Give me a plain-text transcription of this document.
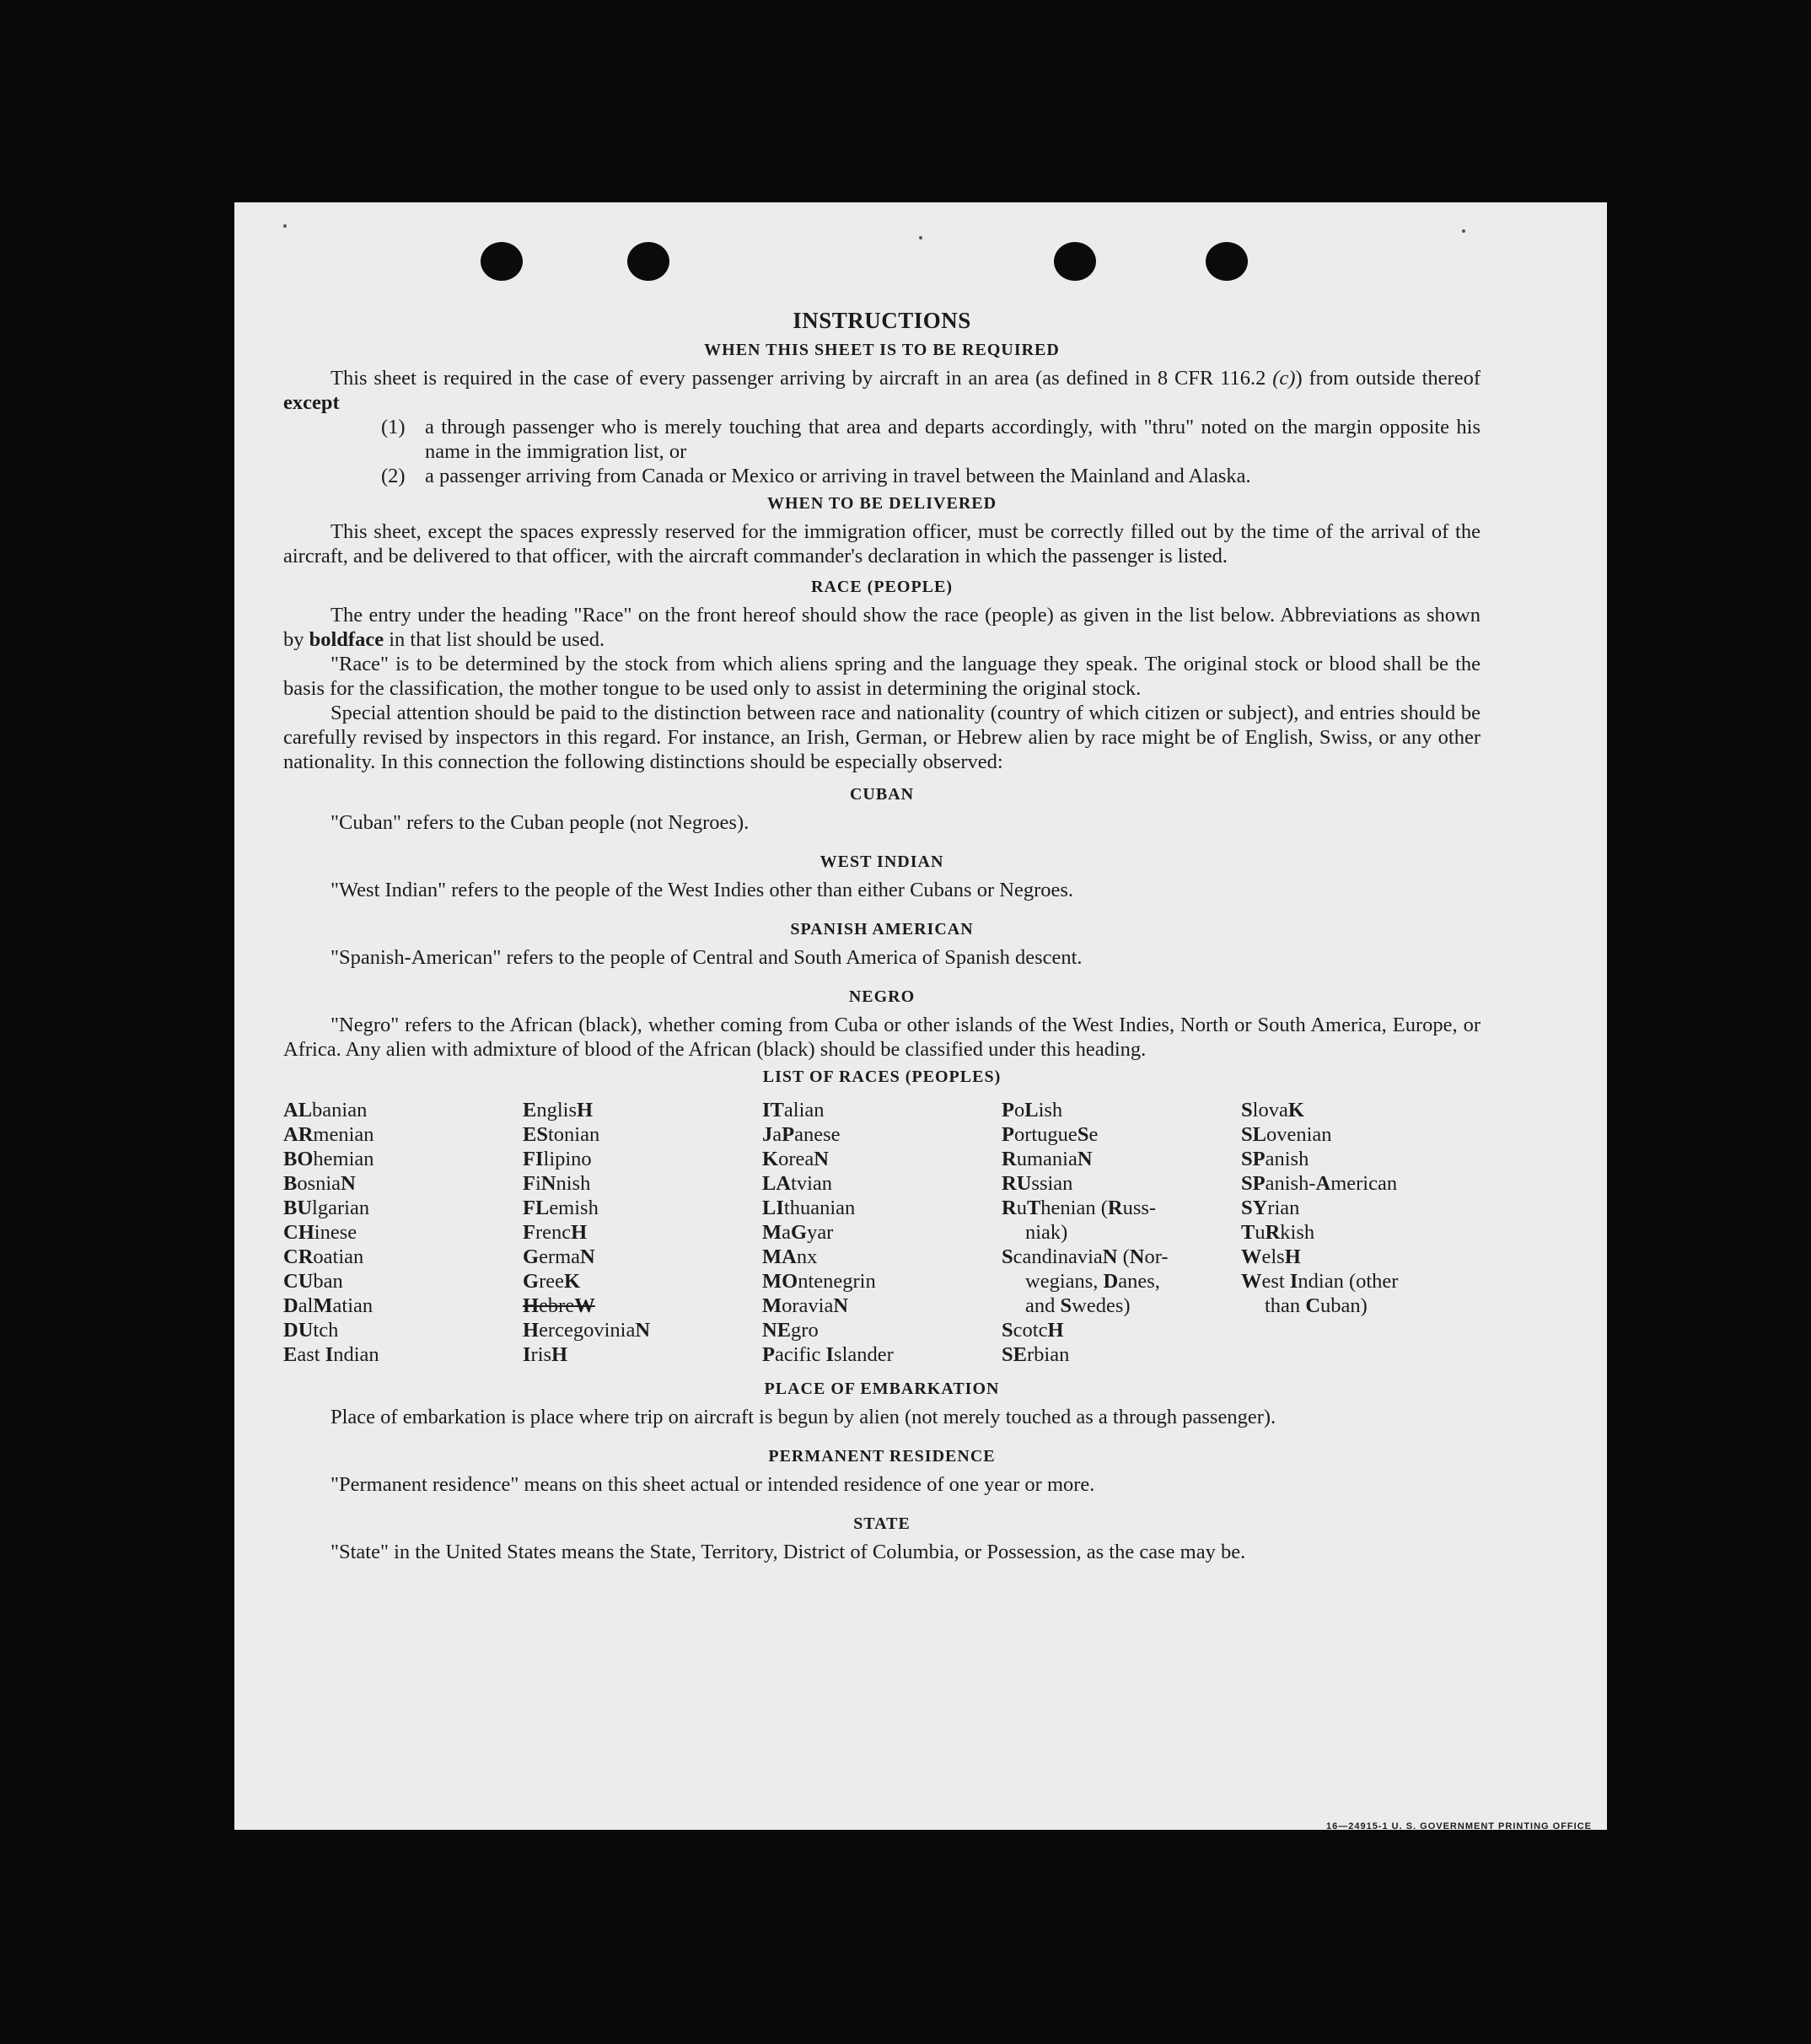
16—24915-1 U. S. GOVERNMENT PRINTING OFFICE
INSTRUCTIONS
WHEN THIS SHEET IS TO BE REQUIRED

This sheet is required in the case of every passenger arriving by aircraft in an area (as defined in 8 CFR 116.2 (c)) from outside thereof except

(1) a through passenger who is merely touching that area and departs accordingly, with "thru" noted on the margin opposite his name in the immigration list, or
(2) a passenger arriving from Canada or Mexico or arriving in travel between the Mainland and Alaska.
WHEN TO BE DELIVERED

This sheet, except the spaces expressly reserved for the immigration officer, must be correctly filled out by the time of the arrival of the aircraft, and be delivered to that officer, with the aircraft commander's declaration in which the passenger is listed.

RACE (PEOPLE)

The entry under the heading "Race" on the front hereof should show the race (people) as given in the list below. Abbreviations as shown by boldface in that list should be used.

"Race" is to be determined by the stock from which aliens spring and the language they speak. The original stock or blood shall be the basis for the classification, the mother tongue to be used only to assist in determining the original stock.

Special attention should be paid to the distinction between race and nationality (country of which citizen or subject), and entries should be carefully revised by inspectors in this regard. For instance, an Irish, German, or Hebrew alien by race might be of English, Swiss, or any other nationality. In this connection the following distinctions should be especially observed:

CUBAN

"Cuban" refers to the Cuban people (not Negroes).

WEST INDIAN

"West Indian" refers to the people of the West Indies other than either Cubans or Negroes.

SPANISH AMERICAN

"Spanish-American" refers to the people of Central and South America of Spanish descent.

NEGRO

"Negro" refers to the African (black), whether coming from Cuba or other islands of the West Indies, North or South America, Europe, or Africa. Any alien with admixture of blood of the African (black) should be classified under this heading.

LIST OF RACES (PEOPLES)
ALbanian
ARmenian
BOhemian
BosniaN
BUlgarian
CHinese
CRoatian
CUban
DalMatian
DUtch
East Indian
EnglisH
EStonian
FIlipino
FiNnish
FLemish
FrencH
GermaN
GreeK
HebreW
HercegoviniaN
IrisH
ITalian
JaPanese
KoreaN
LAtvian
LIthuanian
MaGyar
MAnx
MOntenegrin
MoraviaN
NEgro
Pacific Islander
PoLish
PortugueSe
RumaniaN
RUssian
RuThenian (Russ-
niak)
ScandinaviaN (Nor-
wegians, Danes,
and Swedes)
ScotcH
SErbian
SlovaK
SLovenian
SPanish
SPanish-American
SYrian
TuRkish
WelsH
West Indian (other
than Cuban)
PLACE OF EMBARKATION

Place of embarkation is place where trip on aircraft is begun by alien (not merely touched as a through passenger).

PERMANENT RESIDENCE

"Permanent residence" means on this sheet actual or intended residence of one year or more.

STATE

"State" in the United States means the State, Territory, District of Columbia, or Possession, as the case may be.
